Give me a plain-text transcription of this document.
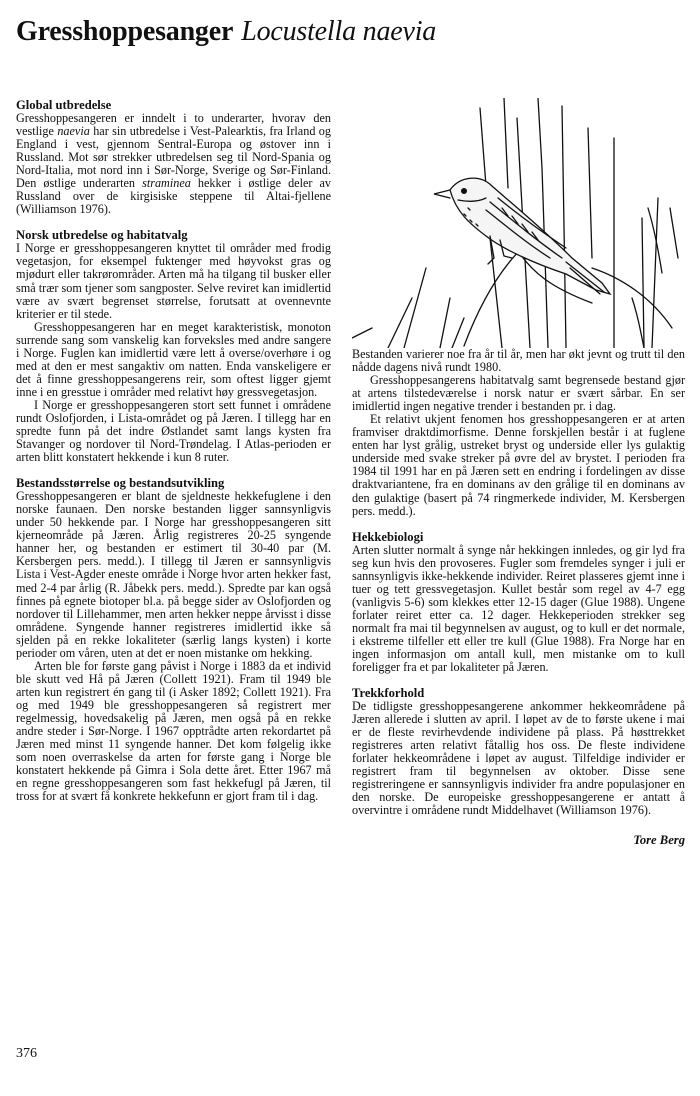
Gresshoppesanger Locustella naevia
Global utbredelse

Gresshoppesangeren er inndelt i to underarter, hvorav den vestlige naevia har sin utbredelse i Vest-Palearktis, fra Irland og England i vest, gjennom Sentral-Europa og østover inn i Russland. Mot sør strekker utbredelsen seg til Nord-Spania og Nord-Italia, mot nord inn i Sør-Norge, Sverige og Sør-Finland. Den østlige underarten straminea hekker i østlige deler av Russland over de kirgisiske steppene til Altai-fjellene (Williamson 1976).

Norsk utbredelse og habitatvalg

I Norge er gresshoppesangeren knyttet til områder med frodig vegetasjon, for eksempel fuktenger med høyvokst gras og mjødurt eller takrørområder. Arten må ha tilgang til busker eller små trær som tjener som sangposter. Selve reviret kan imidlertid være av svært begrenset størrelse, forutsatt at ovennevnte kriterier er til stede.

Gresshoppesangeren har en meget karakteristisk, monoton surrende sang som vanskelig kan forveksles med andre sangere i Norge. Fuglen kan imidlertid være lett å overse/overhøre i og med at den er mest sangaktiv om natten. Enda vanskeligere er det å finne gresshoppesangerens reir, som oftest ligger gjemt inne i en gresstue i områder med relativt høy gressvegetasjon.

I Norge er gresshoppesangeren stort sett funnet i områdene rundt Oslofjorden, i Lista-området og på Jæren. I tillegg har en spredte funn på det indre Østlandet samt langs kysten fra Stavanger og nordover til Nord-Trøndelag. I Atlas-perioden er arten blitt konstatert hekkende i kun 8 ruter.

Bestandsstørrelse og bestandsutvikling

Gresshoppesangeren er blant de sjeldneste hekkefuglene i den norske faunaen. Den norske bestanden ligger sannsynligvis under 50 hekkende par. I Norge har gresshoppesangeren sitt kjerneområde på Jæren. Årlig registreres 20-25 syngende hanner her, og bestanden er estimert til 30-40 par (M. Kersbergen pers. medd.). I tillegg til Jæren er sannsynligvis Lista i Vest-Agder eneste område i Norge hvor arten hekker fast, med 2-4 par årlig (R. Jåbekk pers. medd.). Spredte par kan også finnes på egnete biotoper bl.a. på begge sider av Oslofjorden og nordover til Lillehammer, men arten hekker neppe årvisst i disse områdene. Syngende hanner registreres imidlertid ikke så sjelden på en rekke lokaliteter (særlig langs kysten) i korte perioder om våren, uten at det er noen mistanke om hekking.

Arten ble for første gang påvist i Norge i 1883 da et individ ble skutt ved Hå på Jæren (Collett 1921). Fram til 1949 ble arten kun registrert én gang til (i Asker 1892; Collett 1921). Fra og med 1949 ble gresshoppesangeren så registrert mer regelmessig, hovedsakelig på Jæren, men også på en rekke andre steder i Sør-Norge. I 1967 opptrådte arten rekordartet på Jæren med minst 11 syngende hanner. Det kom følgelig ikke som noen overraskelse da arten for første gang i Norge ble konstatert hekkende på Gimra i Sola dette året. Etter 1967 må en regne gresshoppesangeren som fast hekkefugl på Jæren, til tross for at svært få konkrete hekkefunn er gjort fram til i dag.

Bestanden varierer noe fra år til år, men har økt jevnt og trutt til den nådde dagens nivå rundt 1980.

Gresshoppesangerens habitatvalg samt begrensede bestand gjør at artens tilstedeværelse i norsk natur er svært sårbar. En ser imidlertid ingen negative trender i bestanden pr. i dag.

Et relativt ukjent fenomen hos gresshoppesangeren er at arten framviser draktdimorfisme. Denne forskjellen består i at fuglene enten har lyst grålig, ustreket bryst og underside eller lys gulaktig underside med svake streker på øvre del av brystet. I perioden fra 1984 til 1991 har en på Jæren sett en endring i fordelingen av disse draktvariantene, fra en dominans av den grålige til en dominans av den gulaktige (basert på 74 ringmerkede individer, M. Kersbergen pers. medd.).

Hekkebiologi

Arten slutter normalt å synge når hekkingen innledes, og gir lyd fra seg kun hvis den provoseres. Fugler som fremdeles synger i juli er sannsynligvis ikke-hekkende individer. Reiret plasseres gjemt inne i tuer og tett gressvegetasjon. Kullet består som regel av 4-7 egg (vanligvis 5-6) som klekkes etter 12-15 dager (Glue 1988). Ungene forlater reiret etter ca. 12 dager. Hekkeperioden strekker seg normalt fra mai til begynnelsen av august, og to kull er det normale, i ekstreme tilfeller ett eller tre kull (Glue 1988). Fra Norge har en ingen informasjon om antall kull, men mistanke om to kull foreligger fra et par lokaliteter på Jæren.

Trekkforhold

De tidligste gresshoppesangerene ankommer hekkeområdene på Jæren allerede i slutten av april. I løpet av de to første ukene i mai er de fleste revirhevdende individene på plass. På høsttrekket registreres arten relativt fåtallig hos oss. De fleste individene forlater hekkeområdene i løpet av august. Tilfeldige individer er registrert fram til begynnelsen av oktober. Disse sene registreringene er sannsynligvis individer fra andre populasjoner en den norske. De europeiske gresshoppesangerene er antatt å overvintre i områdene rundt Middelhavet (Williamson 1976).

Tore Berg
376
